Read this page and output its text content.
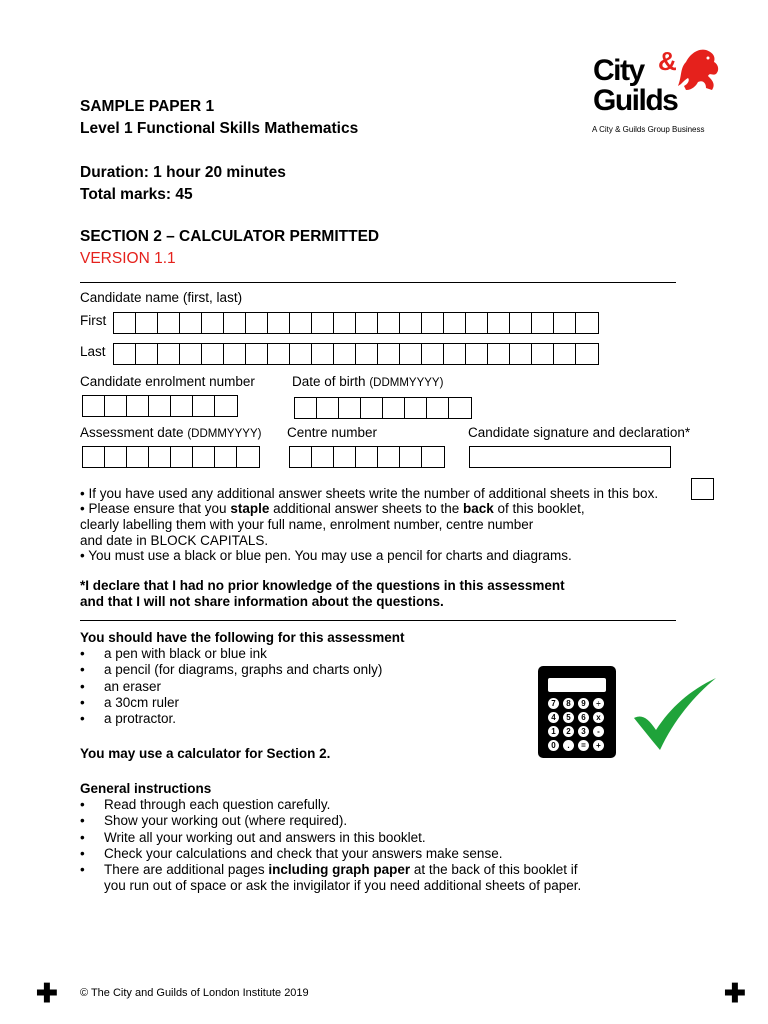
City &
Guilds
A City & Guilds Group Business
SAMPLE PAPER 1
Level 1 Functional Skills Mathematics
Duration: 1 hour 20 minutes
Total marks: 45
SECTION 2 – CALCULATOR PERMITTED
VERSION 1.1
Candidate name (first, last)
First
Last
Candidate enrolment number	Date of birth (DDMMYYYY)
Assessment date (DDMMYYYY) Centre number	Candidate signature and declaration*
• If you have used any additional answer sheets write the number of additional sheets in this box.
• Please ensure that you staple additional answer sheets to the back of this booklet,
clearly labelling them with your full name, enrolment number, centre number
and date in BLOCK CAPITALS.
• You must use a black or blue pen. You may use a pencil for charts and diagrams.
*I declare that I had no prior knowledge of the questions in this assessment
and that I will not share information about the questions.
You should have the following for this assessment
• a pen with black or blue ink
• a pencil (for diagrams, graphs and charts only)
• an eraser
• a 30cm ruler
• a protractor.
You may use a calculator for Section 2.
7	8	9	÷
4	5	6	x
1	2	3	-
0	.	=	+
General instructions
• Read through each question carefully.
• Show your working out (where required).
• Write all your working out and answers in this booklet.
• Check your calculations and check that your answers make sense.
• There are additional pages including graph paper at the back of this booklet if
you run out of space or ask the invigilator if you need additional sheets of paper.
✚ © The City and Guilds of London Institute 2019	✚
